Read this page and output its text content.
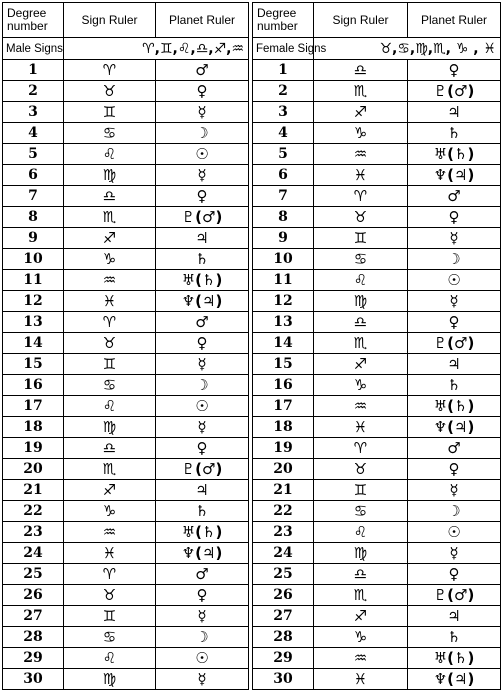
Degree number	Sign Ruler	Planet Ruler
Male Signs	♈,♊,♌,♎,♐,♒	
1	♈	♂
2	♉	♀
3	♊	☿
4	♋	☽
5	♌	☉
6	♍	☿
7	♎	♀
8	♏	♇(♂)
9	♐	♃
10	♑	♄
11	♒	♅(♄)
12	♓	♆(♃)
13	♈	♂
14	♉	♀
15	♊	☿
16	♋	☽
17	♌	☉
18	♍	☿
19	♎	♀
20	♏	♇(♂)
21	♐	♃
22	♑	♄
23	♒	♅(♄)
24	♓	♆(♃)
25	♈	♂
26	♉	♀
27	♊	☿
28	♋	☽
29	♌	☉
30	♍	☿
Degree number	Sign Ruler	Planet Ruler
Female Signs	♉,♋,♍,♏, ♑ , ♓	
1	♎	♀
2	♏	♇(♂)
3	♐	♃
4	♑	♄
5	♒	♅(♄)
6	♓	♆(♃)
7	♈	♂
8	♉	♀
9	♊	☿
10	♋	☽
11	♌	☉
12	♍	☿
13	♎	♀
14	♏	♇(♂)
15	♐	♃
16	♑	♄
17	♒	♅(♄)
18	♓	♆(♃)
19	♈	♂
20	♉	♀
21	♊	☿
22	♋	☽
23	♌	☉
24	♍	☿
25	♎	♀
26	♏	♇(♂)
27	♐	♃
28	♑	♄
29	♒	♅(♄)
30	♓	♆(♃)
